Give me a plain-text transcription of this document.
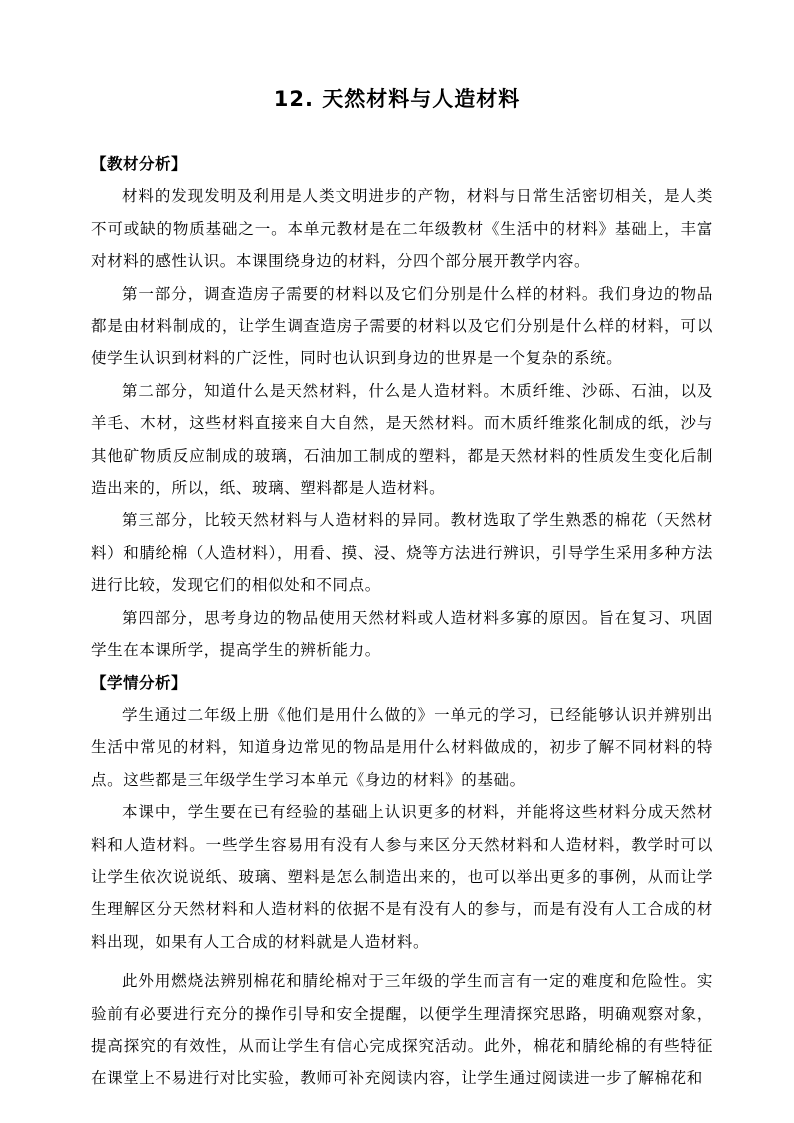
12. 天然材料与人造材料

【教材分析】

材料的发现发明及利用是人类文明进步的产物，材料与日常生活密切相关，是人类不可或缺的物质基础之一。本单元教材是在二年级教材《生活中的材料》基础上，丰富对材料的感性认识。本课围绕身边的材料，分四个部分展开教学内容。

第一部分，调查造房子需要的材料以及它们分别是什么样的材料。我们身边的物品都是由材料制成的，让学生调查造房子需要的材料以及它们分别是什么样的材料，可以使学生认识到材料的广泛性，同时也认识到身边的世界是一个复杂的系统。

第二部分，知道什么是天然材料，什么是人造材料。木质纤维、沙砾、石油，以及羊毛、木材，这些材料直接来自大自然，是天然材料。而木质纤维浆化制成的纸，沙与其他矿物质反应制成的玻璃，石油加工制成的塑料，都是天然材料的性质发生变化后制造出来的，所以，纸、玻璃、塑料都是人造材料。

第三部分，比较天然材料与人造材料的异同。教材选取了学生熟悉的棉花（天然材料）和腈纶棉（人造材料），用看、摸、浸、烧等方法进行辨识，引导学生采用多种方法进行比较，发现它们的相似处和不同点。

第四部分，思考身边的物品使用天然材料或人造材料多寡的原因。旨在复习、巩固学生在本课所学，提高学生的辨析能力。

【学情分析】

学生通过二年级上册《他们是用什么做的》一单元的学习，已经能够认识并辨别出生活中常见的材料，知道身边常见的物品是用什么材料做成的，初步了解不同材料的特点。这些都是三年级学生学习本单元《身边的材料》的基础。

本课中，学生要在已有经验的基础上认识更多的材料，并能将这些材料分成天然材料和人造材料。一些学生容易用有没有人参与来区分天然材料和人造材料，教学时可以让学生依次说说纸、玻璃、塑料是怎么制造出来的，也可以举出更多的事例，从而让学生理解区分天然材料和人造材料的依据不是有没有人的参与，而是有没有人工合成的材料出现，如果有人工合成的材料就是人造材料。

此外用燃烧法辨别棉花和腈纶棉对于三年级的学生而言有一定的难度和危险性。实验前有必要进行充分的操作引导和安全提醒，以便学生理清探究思路，明确观察对象，提高探究的有效性，从而让学生有信心完成探究活动。此外，棉花和腈纶棉的有些特征在课堂上不易进行对比实验，教师可补充阅读内容，让学生通过阅读进一步了解棉花和
